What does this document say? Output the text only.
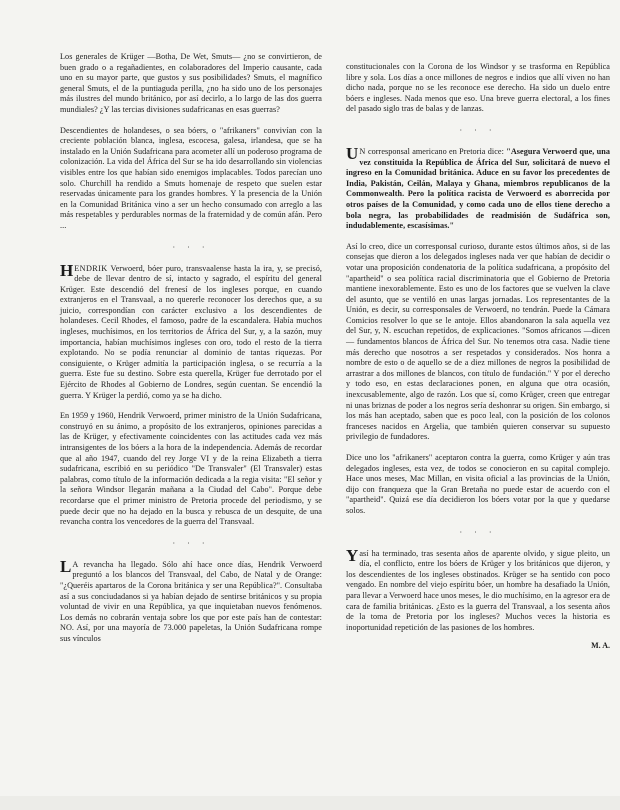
Los generales de Krüger —Botha, De Wet, Smuts— ¿no se convirtieron, de buen grado o a regañadientes, en colaboradores del Imperio causante, cada uno en su mayor parte, que gustos y sus posibilidades? Smuts, el magnífico general Smuts, el de la puntiaguda perilla, ¿no ha sido uno de los personajes más ilustres del mundo británico, por así decirlo, a lo largo de las dos guerra mundiales? ¿Y las tercias divisiones sudafricanas en esas guerras?

Descendientes de holandeses, o sea bóers, o "afrikaners" convivían con la creciente población blanca, inglesa, escocesa, galesa, irlandesa, que se ha instalado en la Unión Sudafricana para acometer allí un poderoso programa de colonización. La vida del África del Sur se ha ido desarrollando sin violencias visibles entre los que habían sido enemigos implacables. Todos parecían uno solo. Churchill ha rendido a Smuts homenaje de respeto que suelen estar reservadas únicamente para los grandes hombres. Y la presencia de la Unión en la Comunidad Británica vino a ser un hecho consumado con arreglo a las más respetables y perdurables normas de la fraternidad y de común afán. Pero ...

· · ·

HENDRIK Verwoerd, bóer puro, transvaalense hasta la ira, y, se precisó, debe de llevar dentro de sí, intacto y sagrado, el espíritu del general Krüger. Este descendió del frenesí de los ingleses porque, en cuando extranjeros en el Transvaal, a no quererle reconocer los derechos que, a su juicio, correspondían con carácter exclusivo a los descendientes de holandeses. Cecil Rhodes, el famoso, padre de la escandalera. Había muchos ingleses, muchísimos, en los territorios de África del Sur, y, a la sazón, muy importancia, habían muchísimos ingleses con oro, todo el resto de la tierra explotando. No se podía renunciar al dominio de tantas riquezas. Por consiguiente, o Krüger admitía la participación inglesa, o se recurría a la guerra. Este fue su destino. Sobre esta querella, Krüger fue derrotado por el Ejército de Rhodes al Gobierno de Londres, según cuentan. Se encendió la guerra. Y Krüger la perdió, como ya se ha dicho.

En 1959 y 1960, Hendrik Verwoerd, primer ministro de la Unión Sudafricana, construyó en su ánimo, a propósito de los extranjeros, opiniones parecidas a las de Krüger, y efectivamente coincidentes con las actitudes cada vez más intransigentes de los bóers a la hora de la independencia. Además de recordar que al año 1947, cuando del rey Jorge VI y de la reina Elizabeth a tierra sudafricana, escribió en su periódico "De Transvaler" (El Transvaler) estas palabras, como título de la información dedicada a la regia visita: "El señor y la señora Windsor llegarán mañana a la Ciudad del Cabo". Porque debe recordarse que el primer ministro de Pretoria procede del periodismo, y se puede decir que no ha dejado en la busca y rebusca de un desquite, de una revancha contra los vencedores de la guerra del Transvaal.

· · ·

L A revancha ha llegado. Sólo ahí hace once días, Hendrik Verwoerd preguntó a los blancos del Transvaal, del Cabo, de Natal y de Orange: "¿Queréis apartaros de la Corona británica y ser una República?". Consultaba así a sus conciudadanos si ya habían dejado de sentirse británicos y su propia voluntad de vivir en una República, ya que inquietaban nuevos fenómenos. Los demás no cobrarán ventaja sobre los que por este país han de contestar: NO. Así, por una mayoría de 73.000 papeletas, la Unión Sudafricana rompe sus vínculos

constitucionales con la Corona de los Windsor y se trasforma en República libre y sola. Los días a once millones de negros e indios que allí viven no han dicho nada, porque no se les reconoce ese derecho. Ha sido un duelo entre bóers e ingleses. Nada menos que eso. Una breve guerra electoral, a los fines del pasado siglo tras de balas y de lanzas.

· · ·

U N corresponsal americano en Pretoria dice: "Asegura Verwoerd que, una vez constituida la República de África del Sur, solicitará de nuevo el ingreso en la Comunidad británica. Aduce en su favor los precedentes de India, Pakistán, Ceilán, Malaya y Ghana, miembros republicanos de la Commonwealth. Pero la política racista de Verwoerd es aborrecida por otros países de la Comunidad, y como cada uno de ellos tiene derecho a bola negra, las probabilidades de readmisión de Sudáfrica son, indudablemente, escasísimas."

Así lo creo, dice un corresponsal curioso, durante estos últimos años, si de las consejas que dieron a los delegados ingleses nada ver que habían de decidir o votar una proposición condenatoria de la política sudafricana, a propósito del "apartheid" o sea política racial discriminatoria que el Gobierno de Pretoria mantiene inexorablemente. Esto es uno de los factores que se vuelven la clave del asunto, que se ventiló en unas largas jornadas. Los representantes de la Unión, es decir, su corresponsales de Verwoerd, no tendrán. Puede la Cámara Comicios resolver lo que se le antoje. Ellos abandonaron la sala aquella vez del Sur, y, N. escuchan repetidos, de explicaciones. "Somos africanos —dicen— fundamentos blancos de África del Sur. No tenemos otra casa. Nadie tiene más derecho que nosotros a ser respetados y considerados. Nos honra a nombre de esto o de aquello se de a diez millones de negros la posibilidad de arrastrar a dos millones de blancos, con título de fundación." Y por el derecho y todo eso, en estas declaraciones ponen, en alguna que otra ocasión, inexcusablemente, algo de razón. Los que sí, como Krüger, creen que entregar ni unas briznas de poder a los negros sería deshonrar su origen. Sin embargo, si los más han aceptado, saben que es poco leal, con la posición de los colonos franceses nacidos en Argelia, que también quieren conservar su supuesto privilegio de fundadores.

Dice uno los "afrikaners" aceptaron contra la guerra, como Krüger y aún tras delegados ingleses, esta vez, de todos se conocieron en su capital complejo. Hace unos meses, Mac Millan, en visita oficial a las provincias de la Unión, dijo con franqueza que la Gran Bretaña no puede estar de acuerdo con el "apartheid". Quizá ese día decidieron los bóers votar por la que y quedarse solos.

· · ·

Y así ha terminado, tras sesenta años de aparente olvido, y sigue pleito, un día, el conflicto, entre los bóers de Krüger y los británicos que dijeron, y los descendientes de los ingleses obstinados. Krüger se ha sentido con poco vengado. En nombre del viejo espíritu bóer, un hombre ha desafiado la Unión, para llevar a Verwoerd hace unos meses, le dio muchísimo, en la agresor era de cara de familia británicas. ¿Esto es la guerra del Transvaal, a los sesenta años de la toma de Pretoria por los ingleses? Muchos veces la historia es inoportunidad repetición de las pasiones de los hombres.

M. A.
